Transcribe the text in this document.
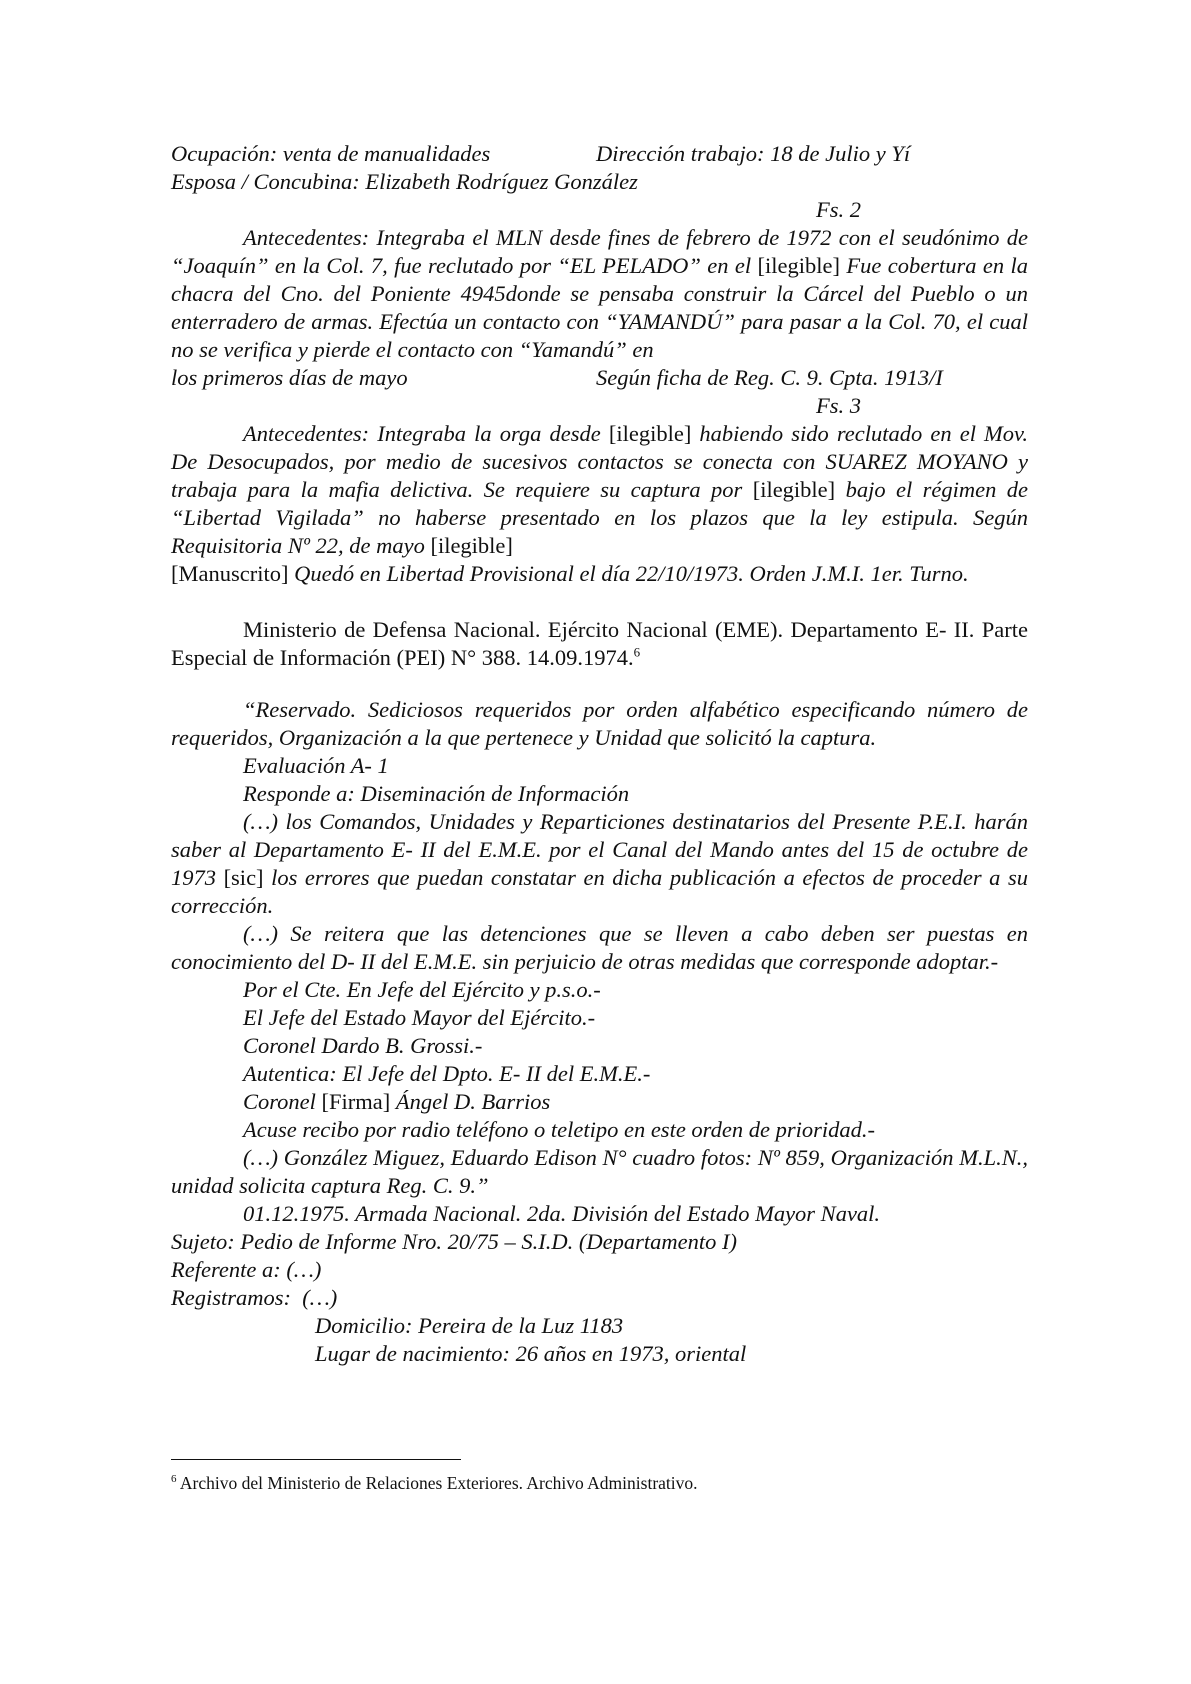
Ocupación: venta de manualidades	Dirección trabajo: 18 de Julio y Yí

Esposa / Concubina: Elizabeth Rodríguez González

Fs. 2

Antecedentes: Integraba el MLN desde fines de febrero de 1972 con el seudónimo de “Joaquín” en la Col. 7, fue reclutado por “EL PELADO” en el [ilegible] Fue cobertura en la chacra del Cno. del Poniente 4945donde se pensaba construir la Cárcel del Pueblo o un enterradero de armas. Efectúa un contacto con “YAMANDÚ” para pasar a la Col. 70, el cual no se verifica y pierde el contacto con “Yamandú” en

los primeros días de mayo	Según ficha de Reg. C. 9. Cpta. 1913/I

Fs. 3

Antecedentes: Integraba la orga desde [ilegible] habiendo sido reclutado en el Mov. De Desocupados, por medio de sucesivos contactos se conecta con SUAREZ MOYANO y trabaja para la mafia delictiva. Se requiere su captura por [ilegible] bajo el régimen de “Libertad Vigilada” no haberse presentado en los plazos que la ley estipula. Según Requisitoria Nº 22, de mayo [ilegible]

[Manuscrito] Quedó en Libertad Provisional el día 22/10/1973. Orden J.M.I. 1er. Turno.

Ministerio de Defensa Nacional. Ejército Nacional (EME). Departamento E- II. Parte Especial de Información (PEI) N° 388. 14.09.1974.$^6$

“Reservado. Sediciosos requeridos por orden alfabético especificando número de requeridos, Organización a la que pertenece y Unidad que solicitó la captura.

Evaluación A- 1

Responde a: Diseminación de Información

(…) los Comandos, Unidades y Reparticiones destinatarios del Presente P.E.I. harán saber al Departamento E- II del E.M.E. por el Canal del Mando antes del 15 de octubre de 1973 [sic] los errores que puedan constatar en dicha publicación a efectos de proceder a su corrección.

(…) Se reitera que las detenciones que se lleven a cabo deben ser puestas en conocimiento del D- II del E.M.E. sin perjuicio de otras medidas que corresponde adoptar.-

Por el Cte. En Jefe del Ejército y p.s.o.-

El Jefe del Estado Mayor del Ejército.-

Coronel Dardo B. Grossi.-

Autentica: El Jefe del Dpto. E- II del E.M.E.-

Coronel [Firma] Ángel D. Barrios

Acuse recibo por radio teléfono o teletipo en este orden de prioridad.-

(…) González Miguez, Eduardo Edison N° cuadro fotos: Nº 859, Organización M.L.N., unidad solicita captura Reg. C. 9.”

01.12.1975. Armada Nacional. 2da. División del Estado Mayor Naval.

Sujeto: Pedio de Informe Nro. 20/75 – S.I.D. (Departamento I)

Referente a: (…)

Registramos:  (…)

Domicilio: Pereira de la Luz 1183

Lugar de nacimiento: 26 años en 1973, oriental

$^6$ Archivo del Ministerio de Relaciones Exteriores. Archivo Administrativo.
